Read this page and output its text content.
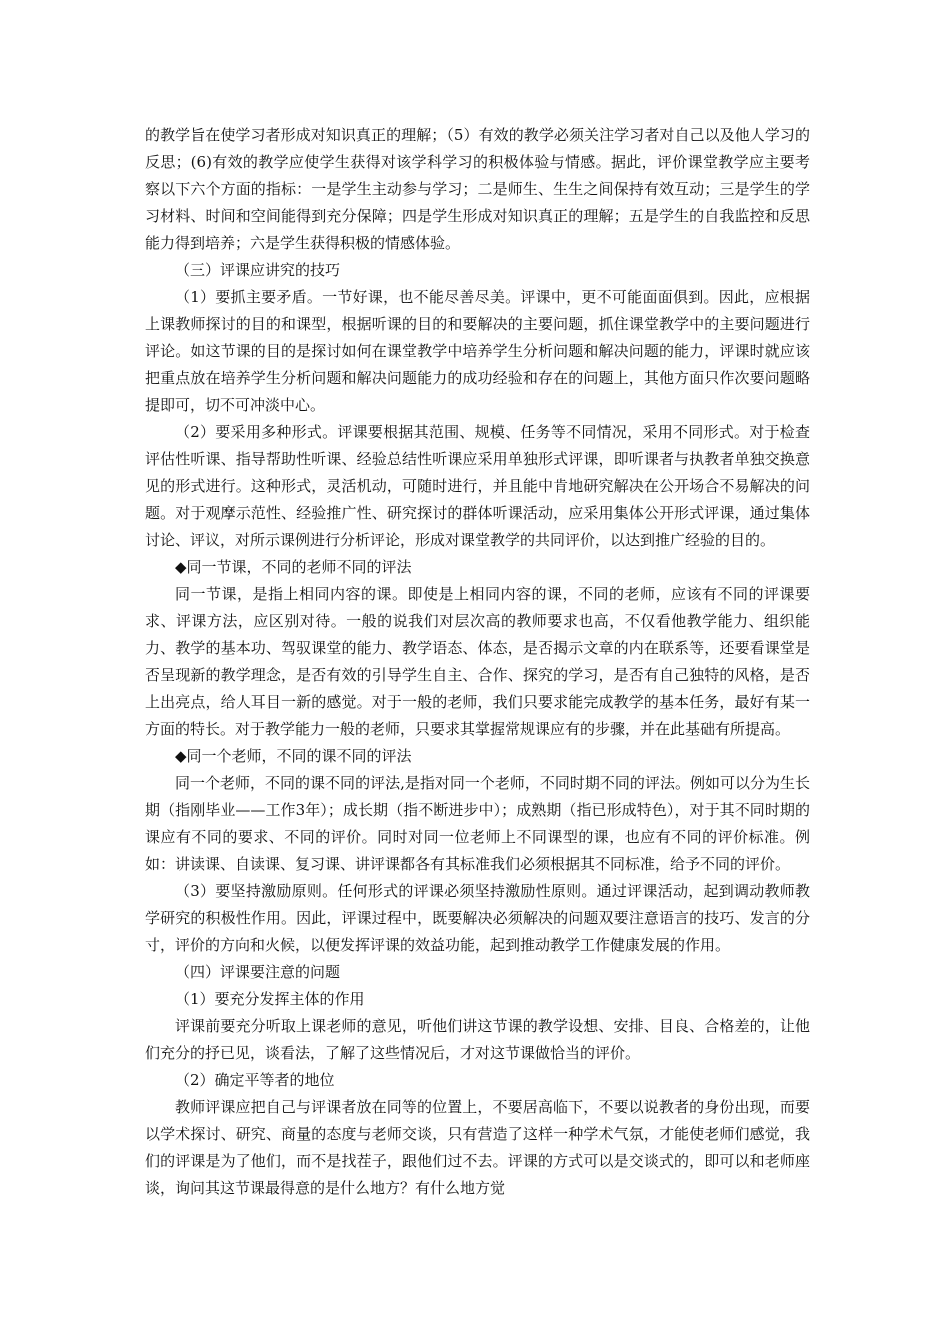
的教学旨在使学习者形成对知识真正的理解；（5）有效的教学必须关注学习者对自己以及他人学习的反思；(6)有效的教学应使学生获得对该学科学习的积极体验与情感。据此，评价课堂教学应主要考察以下六个方面的指标：一是学生主动参与学习；二是师生、生生之间保持有效互动；三是学生的学习材料、时间和空间能得到充分保障；四是学生形成对知识真正的理解；五是学生的自我监控和反思能力得到培养；六是学生获得积极的情感体验。

（三）评课应讲究的技巧

（1）要抓主要矛盾。一节好课，也不能尽善尽美。评课中，更不可能面面俱到。因此，应根据上课教师探讨的目的和课型，根据听课的目的和要解决的主要问题，抓住课堂教学中的主要问题进行评论。如这节课的目的是探讨如何在课堂教学中培养学生分析问题和解决问题的能力，评课时就应该把重点放在培养学生分析问题和解决问题能力的成功经验和存在的问题上，其他方面只作次要问题略提即可，切不可冲淡中心。

（2）要采用多种形式。评课要根据其范围、规模、任务等不同情况，采用不同形式。对于检查评估性听课、指导帮助性听课、经验总结性听课应采用单独形式评课，即听课者与执教者单独交换意见的形式进行。这种形式，灵活机动，可随时进行，并且能中肯地研究解决在公开场合不易解决的问题。对于观摩示范性、经验推广性、研究探讨的群体听课活动，应采用集体公开形式评课，通过集体讨论、评议，对所示课例进行分析评论，形成对课堂教学的共同评价，以达到推广经验的目的。

◆同一节课，不同的老师不同的评法

同一节课，是指上相同内容的课。即使是上相同内容的课，不同的老师，应该有不同的评课要求、评课方法，应区别对待。一般的说我们对层次高的教师要求也高，不仅看他教学能力、组织能力、教学的基本功、驾驭课堂的能力、教学语态、体态，是否揭示文章的内在联系等，还要看课堂是否呈现新的教学理念，是否有效的引导学生自主、合作、探究的学习，是否有自己独特的风格，是否上出亮点，给人耳目一新的感觉。对于一般的老师，我们只要求能完成教学的基本任务，最好有某一方面的特长。对于教学能力一般的老师，只要求其掌握常规课应有的步骤，并在此基础有所提高。

◆同一个老师，不同的课不同的评法

同一个老师，不同的课不同的评法,是指对同一个老师，不同时期不同的评法。例如可以分为生长期（指刚毕业——工作3年）；成长期（指不断进步中）；成熟期（指已形成特色），对于其不同时期的课应有不同的要求、不同的评价。同时对同一位老师上不同课型的课，也应有不同的评价标准。例如：讲读课、自读课、复习课、讲评课都各有其标准我们必须根据其不同标准，给予不同的评价。

（3）要坚持激励原则。任何形式的评课必须坚持激励性原则。通过评课活动，起到调动教师教学研究的积极性作用。因此，评课过程中，既要解决必须解决的问题双要注意语言的技巧、发言的分寸，评价的方向和火候，以便发挥评课的效益功能，起到推动教学工作健康发展的作用。

（四）评课要注意的问题

（1）要充分发挥主体的作用

评课前要充分听取上课老师的意见，听他们讲这节课的教学设想、安排、目良、合格差的，让他们充分的抒已见，谈看法，了解了这些情况后，才对这节课做恰当的评价。

（2）确定平等者的地位

教师评课应把自己与评课者放在同等的位置上，不要居高临下，不要以说教者的身份出现，而要以学术探讨、研究、商量的态度与老师交谈，只有营造了这样一种学术气氛，才能使老师们感觉，我们的评课是为了他们，而不是找茬子，跟他们过不去。评课的方式可以是交谈式的，即可以和老师座谈，询问其这节课最得意的是什么地方？有什么地方觉
